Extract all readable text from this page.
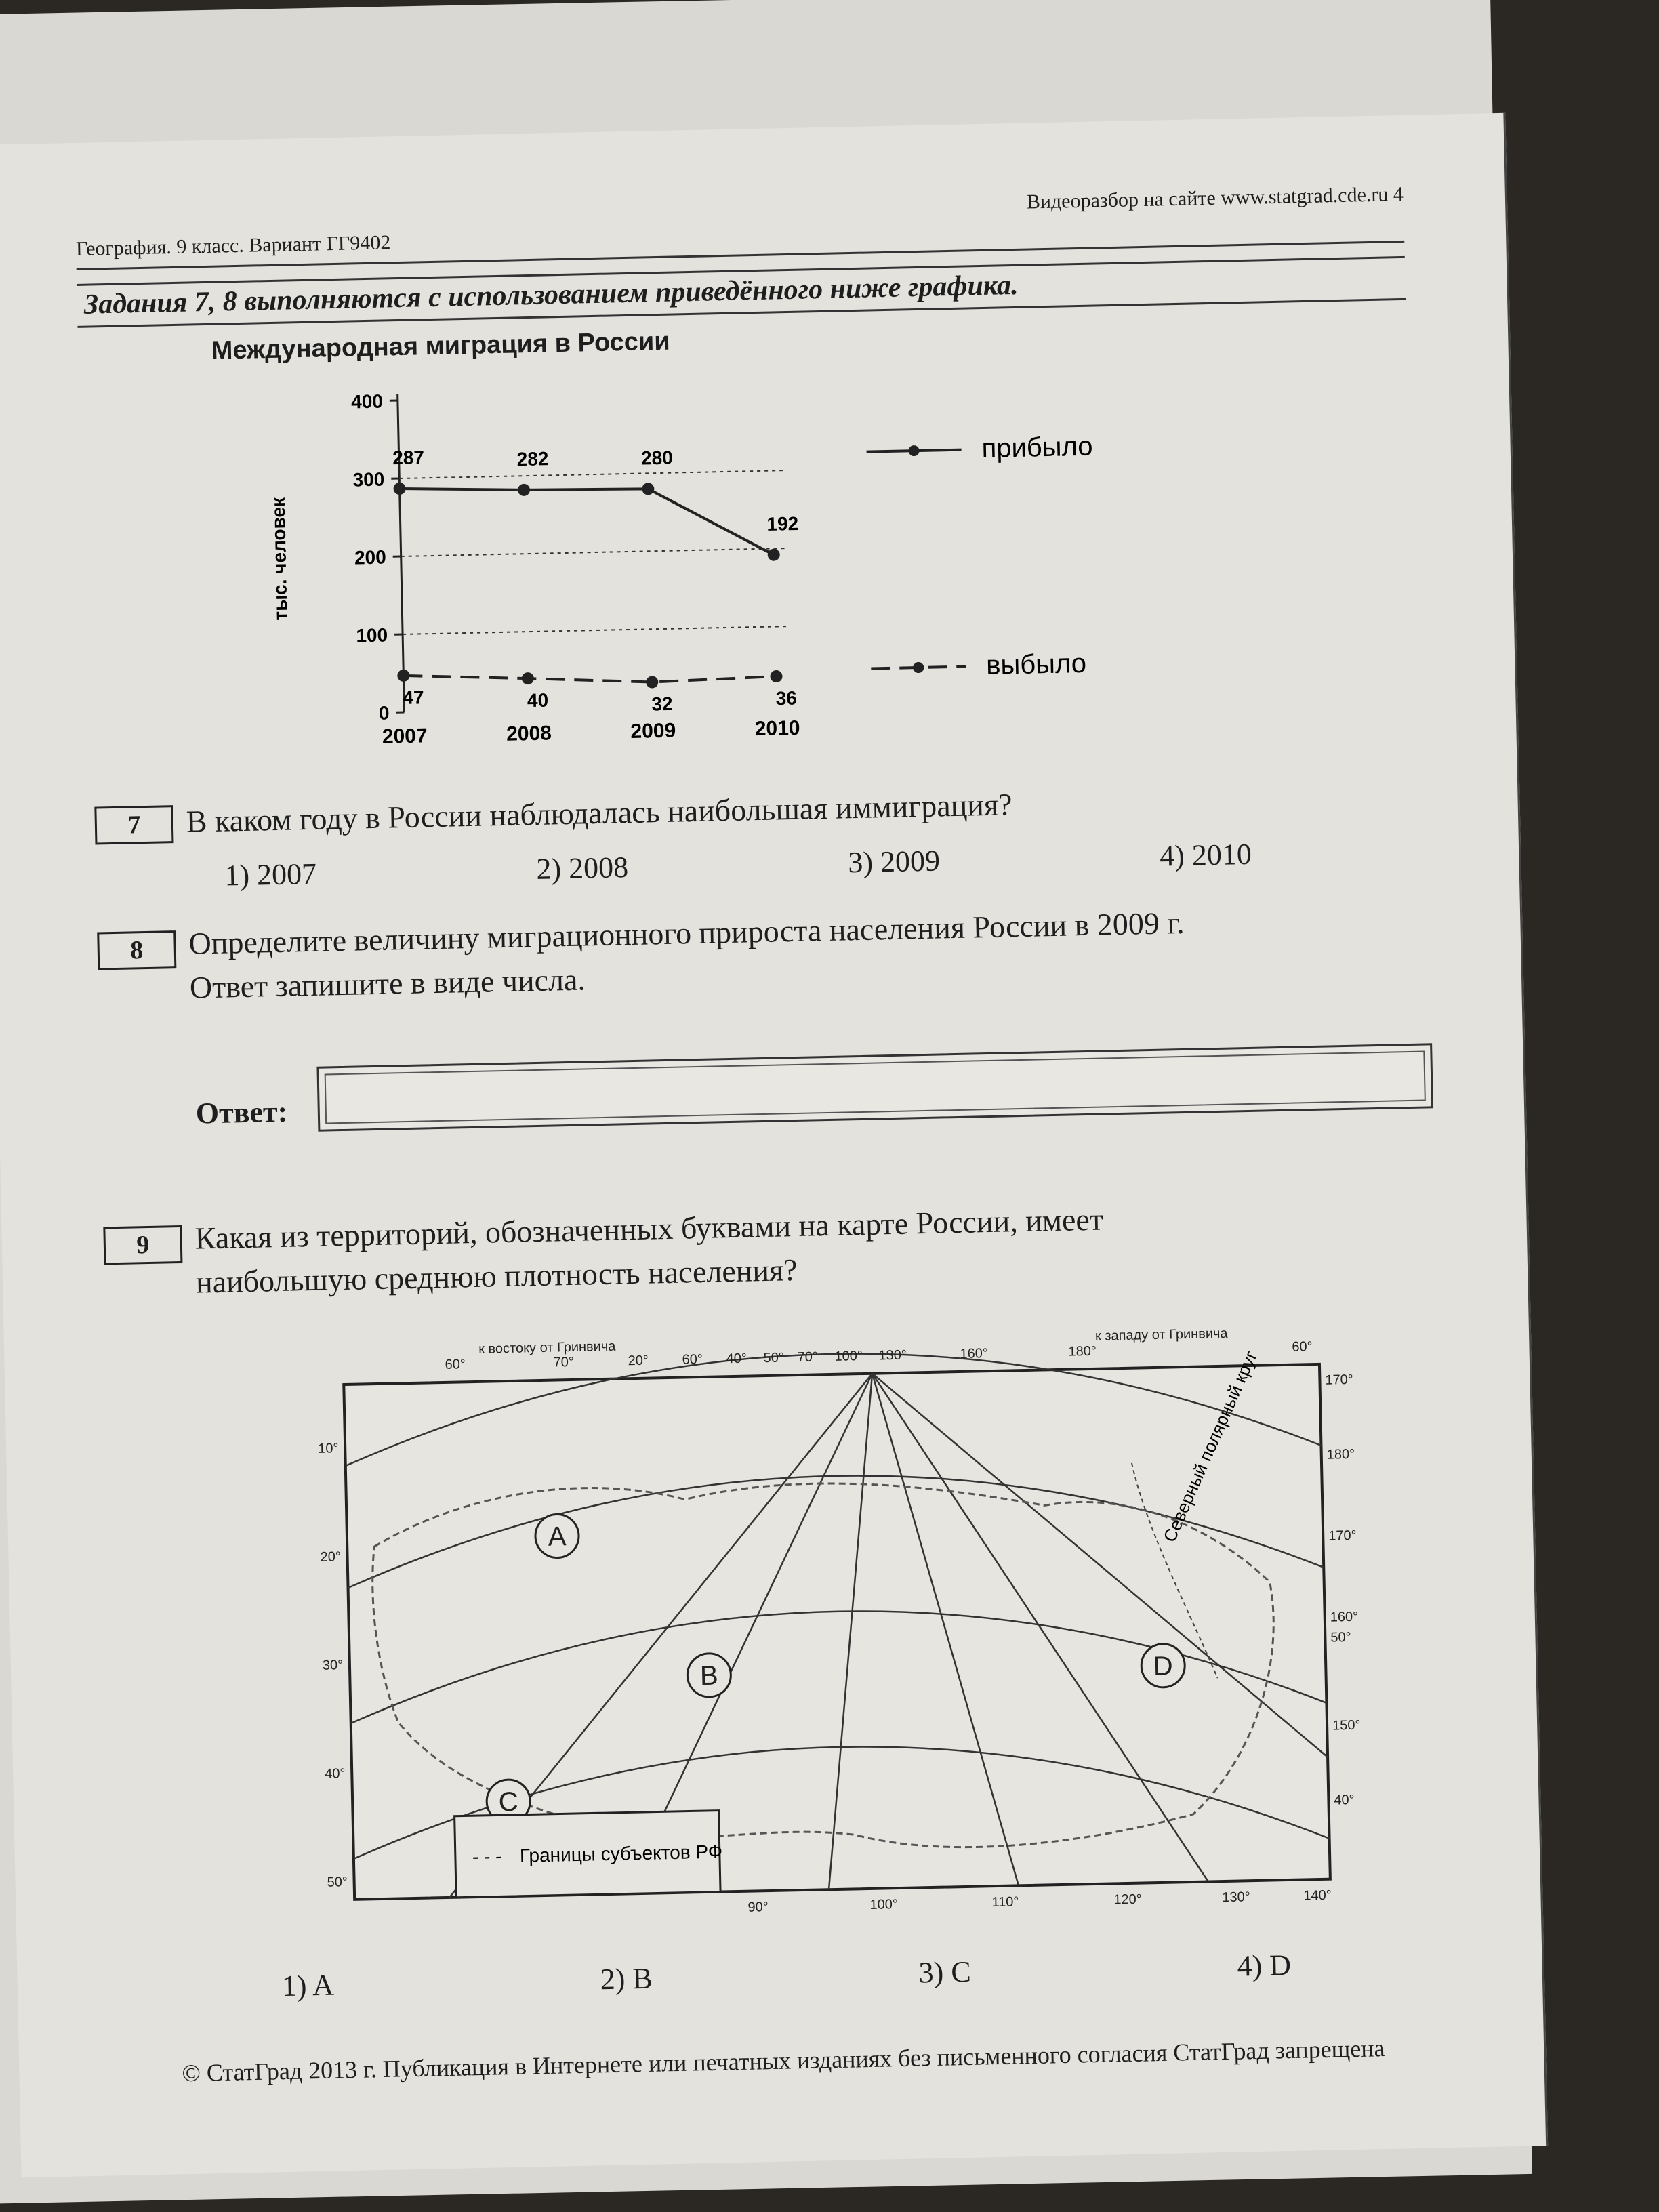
География. 9 класс. Вариант ГГ9402
Видеоразбор на сайте www.statgrad.cde.ru 4
Задания 7, 8 выполняются с использованием приведённого ниже графика.
Международная миграция в России
0
100
200
300
400
тыс. человек
2007	2008	2009	2010
287	282	280
192
прибыло
47	40	32	36
выбыло
7	В каком году в России наблюдалась наибольшая иммиграция?
1) 2007	2) 2008	3) 2009	4) 2010
8	Определите величину миграционного прироста населения России в 2009 г.
Ответ запишите в виде числа.
Ответ:
9	Какая из территорий, обозначенных буквами на карте России, имеет
наибольшую среднюю плотность населения?
Северный полярный круг
A
B
C
D
- - - Границы субъектов РФ
60°	70°	20° 60° 40° 50° 70° 100° 130°	160°	180°	60°
к востоку от Гринвича
к западу от Гринвича
10°
20°
30°
40°
50°
170°
180°
170°
160°
50°
150°
40°
90°	100°	110°	120°	130°	140°
1) A	2) B	3) C	4) D
© СтатГрад 2013 г. Публикация в Интернете или печатных изданиях без письменного согласия СтатГрад запрещена
